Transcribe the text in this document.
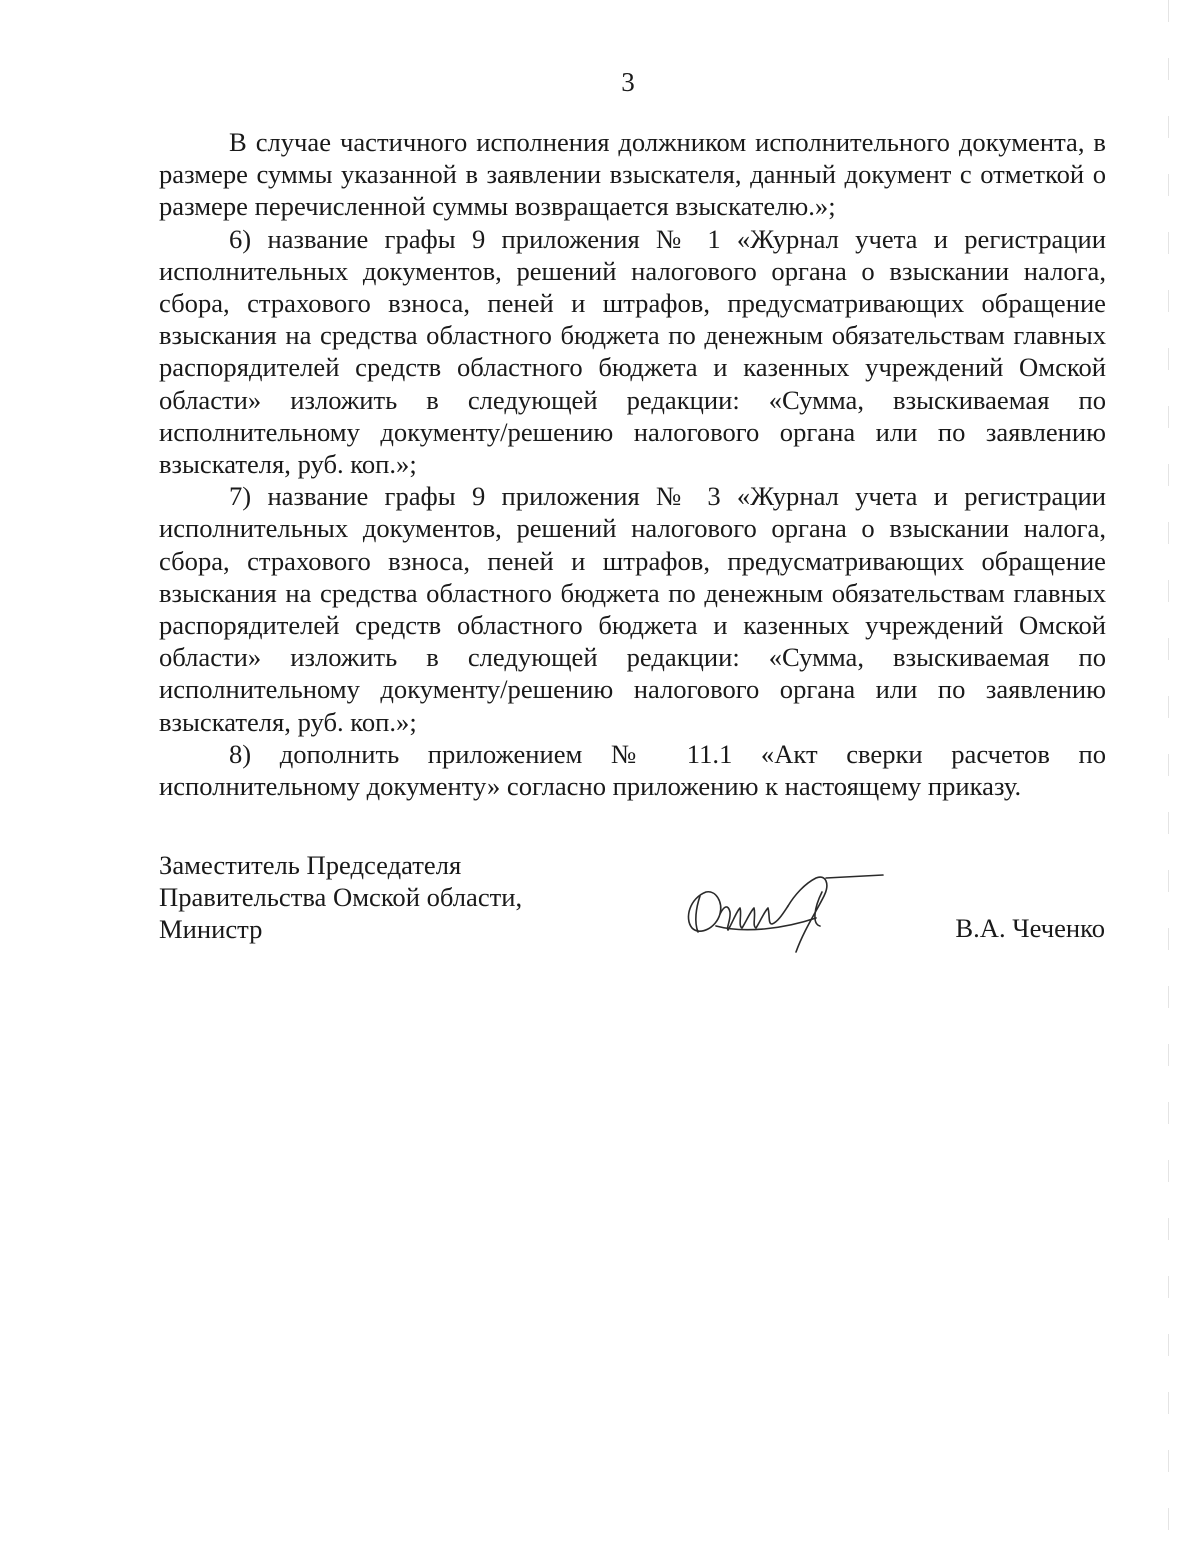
3

В случае частичного исполнения должником исполнительного документа, в размере суммы указанной в заявлении взыскателя, данный документ с отметкой о размере перечисленной суммы возвращается взыскателю.»;

6) название графы 9 приложения № 1 «Журнал учета и регистрации исполнительных документов, решений налогового органа о взыскании налога, сбора, страхового взноса, пеней и штрафов, предусматривающих обращение взыскания на средства областного бюджета по денежным обязательствам главных распорядителей средств областного бюджета и казенных учреждений Омской области» изложить в следующей редакции: «Сумма, взыскиваемая по исполнительному документу/решению налогового органа или по заявлению взыскателя, руб. коп.»;

7) название графы 9 приложения № 3 «Журнал учета и регистрации исполнительных документов, решений налогового органа о взыскании налога, сбора, страхового взноса, пеней и штрафов, предусматривающих обращение взыскания на средства областного бюджета по денежным обязательствам главных распорядителей средств областного бюджета и казенных учреждений Омской области» изложить в следующей редакции: «Сумма, взыскиваемая по исполнительному документу/решению налогового органа или по заявлению взыскателя, руб. коп.»;

8) дополнить приложением № 11.1 «Акт сверки расчетов по исполнительному документу» согласно приложению к настоящему приказу.

Заместитель Председателя
Правительства Омской области,
Министр	В.А. Чеченко
